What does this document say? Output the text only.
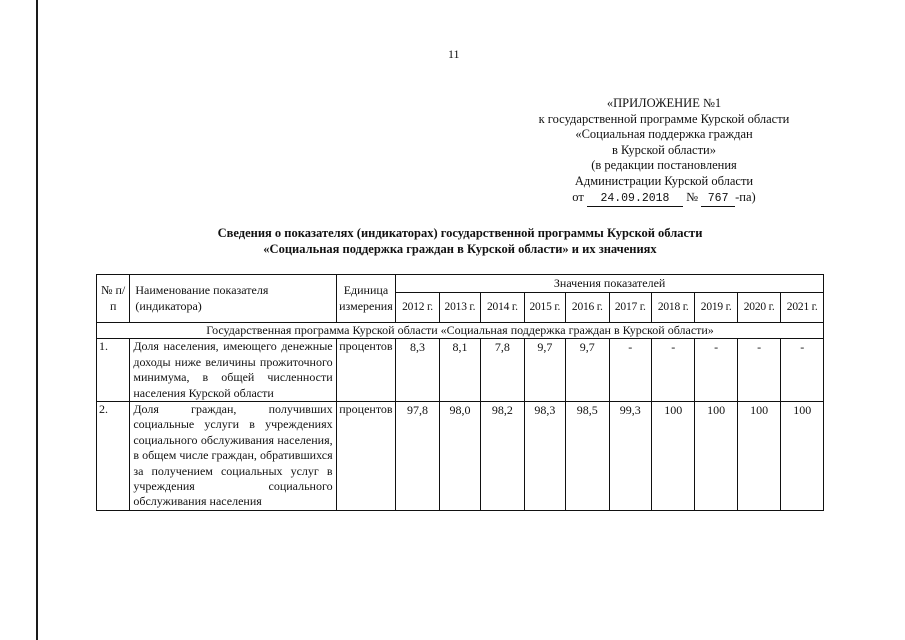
11
«ПРИЛОЖЕНИЕ №1
к государственной программе Курской области
«Социальная поддержка граждан
в Курской области»
(в редакции постановления
Администрации Курской области
от 24.09.2018 № 767 -па)
Сведения о показателях (индикаторах) государственной программы Курской области
«Социальная поддержка граждан в Курской области» и их значениях
№ п/п	Наименование показателя (индикатора)	Единица измерения	Значения показателей									
			2012 г.	2013 г.	2014 г.	2015 г.	2016 г.	2017 г.	2018 г.	2019 г.	2020 г.	2021 г.
Государственная программа Курской области «Социальная поддержка граждан в Курской области»												
1.	Доля населения, имеющего денежные доходы ниже величины прожиточного минимума, в общей численности населения Курской области	процентов	8,3	8,1	7,8	9,7	9,7	-	-	-	-	-
2.	Доля граждан, получивших социальные услуги в учреждениях социального обслуживания населения, в общем числе граждан, обратившихся за получением социальных услуг в учреждения социального обслуживания населения	процентов	97,8	98,0	98,2	98,3	98,5	99,3	100	100	100	100
